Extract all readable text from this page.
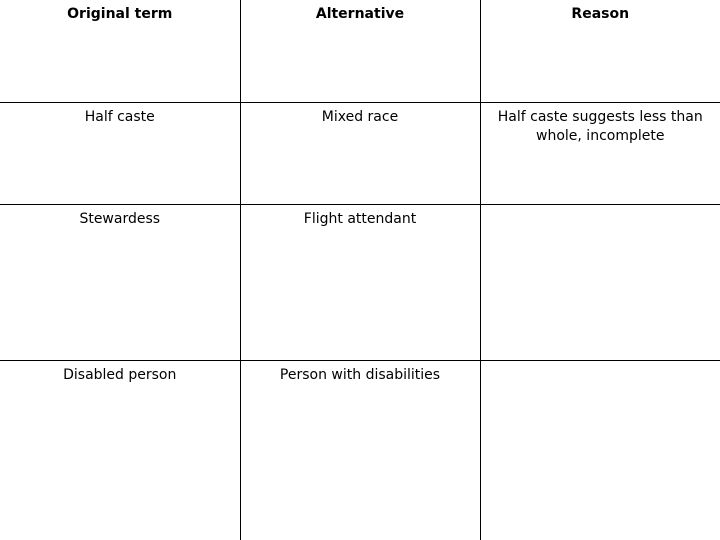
Original term	Alternative	Reason
Half caste	Mixed race	Half caste suggests less than whole, incomplete
Stewardess	Flight attendant	
Disabled person	Person with disabilities	
